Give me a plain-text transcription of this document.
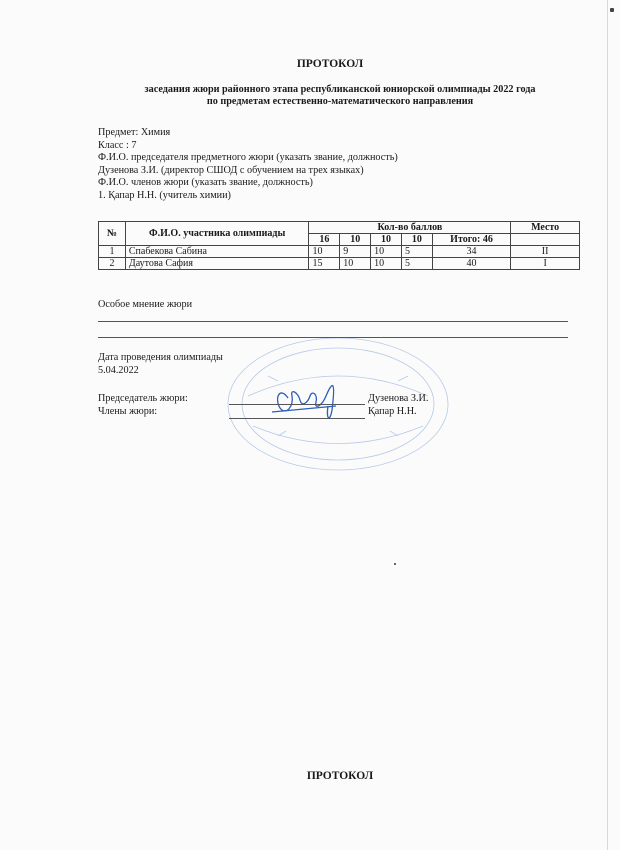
ПРОТОКОЛ
заседания жюри районного этапа республиканской юниорской олимпиады 2022 года
по предметам естественно-математического направления
Предмет: Химия
Класс : 7
Ф.И.О. председателя предметного жюри (указать звание, должность)
Дузенова З.И. (директор СШОД с обучением на трех языках)
Ф.И.О. членов жюри (указать звание, должность)
1. Қапар Н.Н. (учитель химии)
№	Ф.И.О. участника олимпиады	Кол-во баллов					Место
		16	10	10	10	Итого: 46	
1	Спабекова Сабина	10	9	10	5	34	II
2	Даутова Сафия	15	10	10	5	40	I
Особое мнение жюри
Дата проведения олимпиады
5.04.2022
Председатель жюри:	Дузенова З.И.
Члены жюри:	Қапар Н.Н.
ПРОТОКОЛ
